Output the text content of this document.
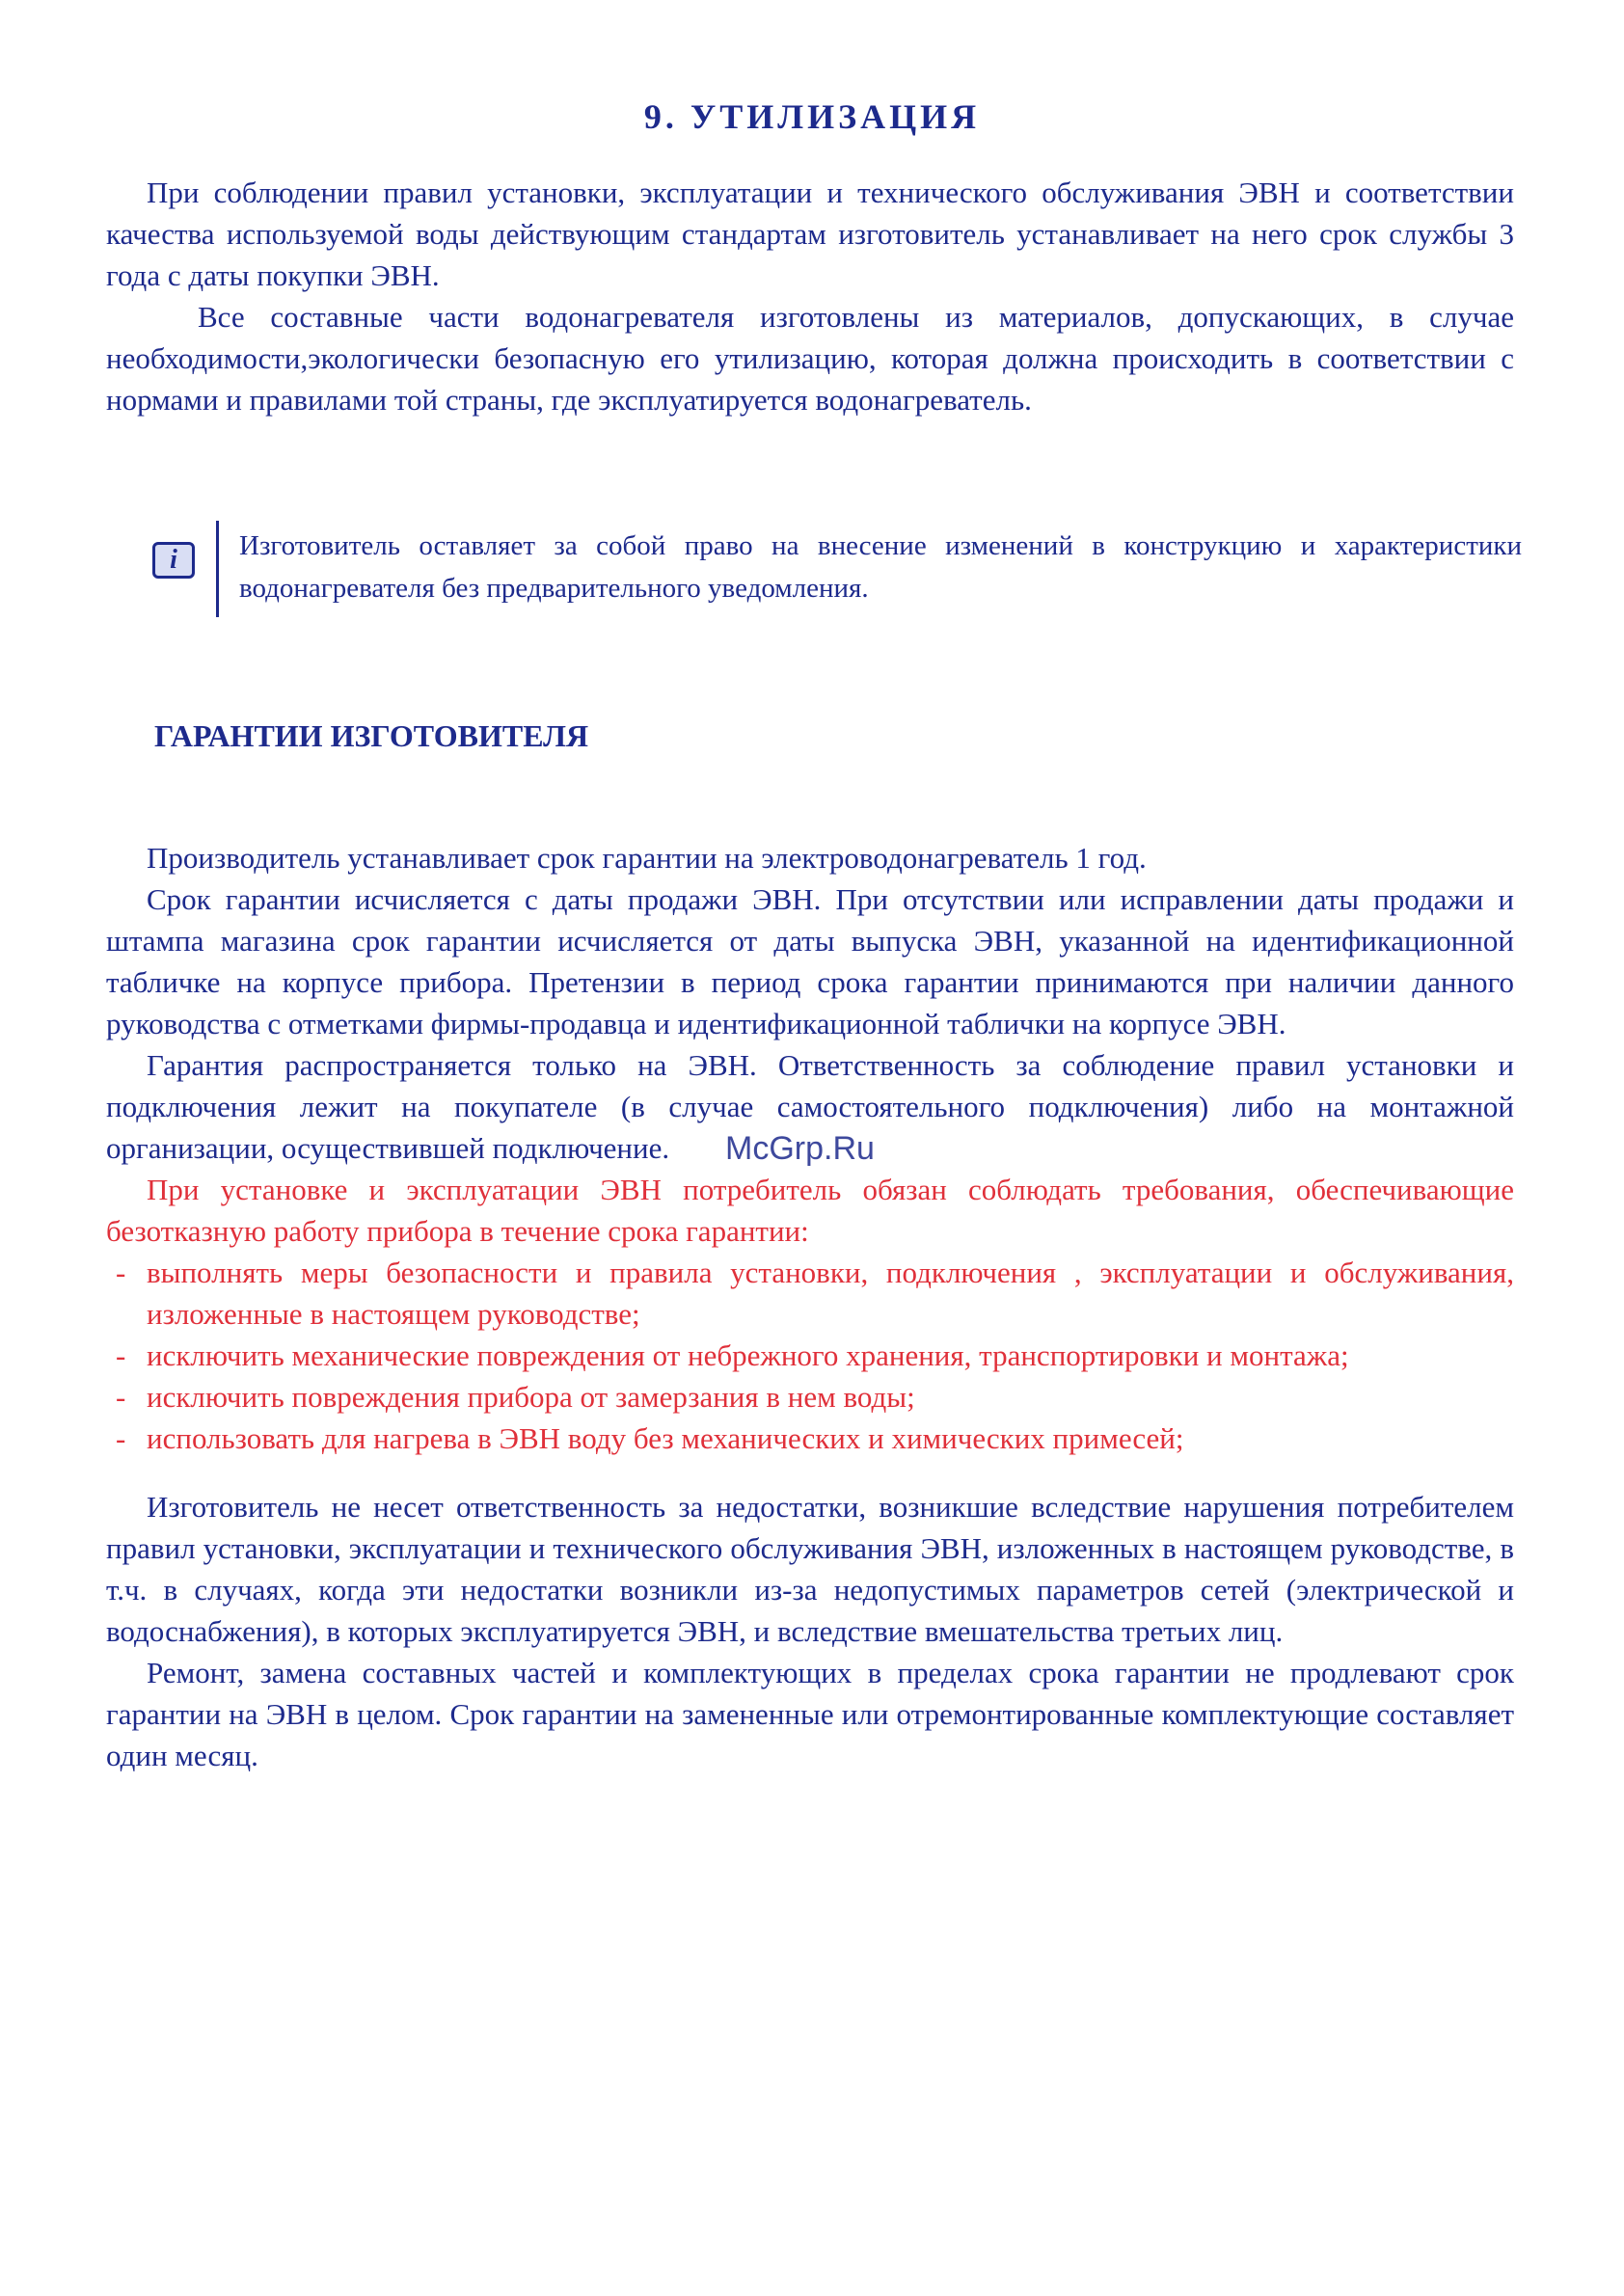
9. УТИЛИЗАЦИЯ

При соблюдении правил установки, эксплуатации и технического обслуживания ЭВН и соответствии качества используемой воды действующим стандартам изготовитель устанавливает на него срок службы 3 года с даты покупки ЭВН.

Все составные части водонагревателя изготовлены из материалов, допускающих, в случае необходимости,экологически безопасную его утилизацию, которая должна происходить в соответствии с нормами и правилами той страны, где эксплуатируется водонагреватель.

i	Изготовитель оставляет за собой право на внесение изменений в конструкцию и характеристики водонагревателя без предварительного уведомления.
ГАРАНТИИ ИЗГОТОВИТЕЛЯ

Производитель устанавливает срок гарантии на электроводонагреватель 1 год.

Срок гарантии исчисляется с даты продажи ЭВН. При отсутствии или исправлении даты продажи и штампа магазина срок гарантии исчисляется от даты выпуска ЭВН, указанной на идентификационной табличке на корпусе прибора. Претензии в период срока гарантии принимаются при наличии данного руководства с отметками фирмы-продавца и идентификационной таблички на корпусе ЭВН.

Гарантия распространяется только на ЭВН. Ответственность за соблюдение правил установки и подключения лежит на покупателе (в случае самостоятельного подключения) либо на монтажной организации, осуществившей подключение.

При установке и эксплуатации ЭВН потребитель обязан соблюдать требования, обеспечивающие безотказную работу прибора в течение срока гарантии:

- выполнять меры безопасности и правила установки, подключения , эксплуатации и обслуживания, изложенные в настоящем руководстве;
- исключить механические повреждения от небрежного хранения, транспортировки и монтажа;
- исключить повреждения прибора от замерзания в нем воды;
- использовать для нагрева в ЭВН воду без механических и химических примесей;

Изготовитель не несет ответственность за недостатки, возникшие вследствие нарушения потребителем правил установки, эксплуатации и технического обслуживания ЭВН, изложенных в настоящем руководстве, в т.ч. в случаях, когда эти недостатки возникли из-за недопустимых параметров сетей (электрической и водоснабжения), в которых эксплуатируется ЭВН, и вследствие вмешательства третьих лиц.

Ремонт, замена составных частей и комплектующих в пределах срока гарантии не продлевают срок гарантии на ЭВН в целом. Срок гарантии на замененные или отремонтированные комплектующие составляет один месяц.

McGrp.Ru
